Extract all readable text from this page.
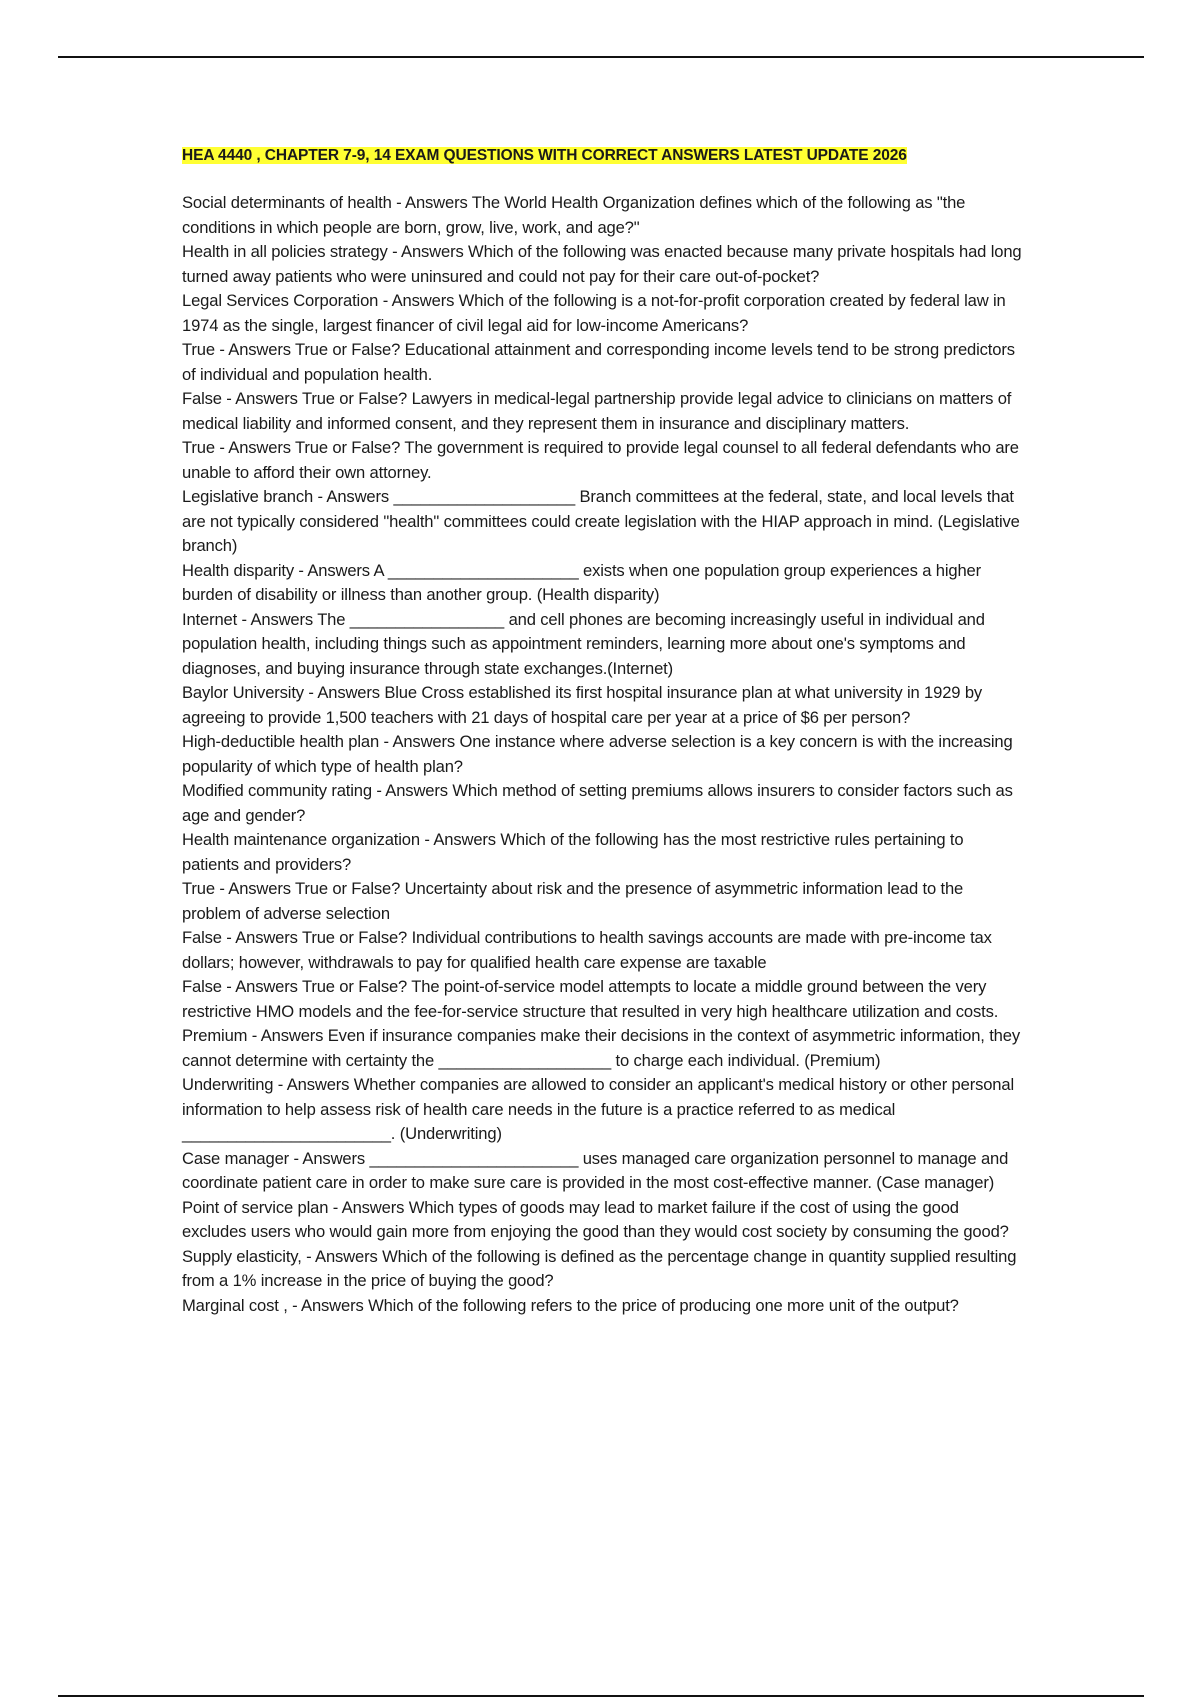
HEA 4440 , CHAPTER 7-9, 14 EXAM QUESTIONS WITH CORRECT ANSWERS LATEST UPDATE 2026

Social determinants of health - Answers The World Health Organization defines which of the following as "the conditions in which people are born, grow, live, work, and age?"

Health in all policies strategy - Answers Which of the following was enacted because many private hospitals had long turned away patients who were uninsured and could not pay for their care out-of-pocket?

Legal Services Corporation - Answers Which of the following is a not-for-profit corporation created by federal law in 1974 as the single, largest financer of civil legal aid for low-income Americans?

True - Answers True or False? Educational attainment and corresponding income levels tend to be strong predictors of individual and population health.

False - Answers True or False? Lawyers in medical-legal partnership provide legal advice to clinicians on matters of medical liability and informed consent, and they represent them in insurance and disciplinary matters.

True - Answers True or False? The government is required to provide legal counsel to all federal defendants who are unable to afford their own attorney.

Legislative branch - Answers ____________________ Branch committees at the federal, state, and local levels that are not typically considered "health" committees could create legislation with the HIAP approach in mind. (Legislative branch)

Health disparity - Answers A _____________________ exists when one population group experiences a higher burden of disability or illness than another group. (Health disparity)

Internet - Answers The _________________ and cell phones are becoming increasingly useful in individual and population health, including things such as appointment reminders, learning more about one's symptoms and diagnoses, and buying insurance through state exchanges.(Internet)

Baylor University - Answers Blue Cross established its first hospital insurance plan at what university in 1929 by agreeing to provide 1,500 teachers with 21 days of hospital care per year at a price of $6 per person?

High-deductible health plan - Answers One instance where adverse selection is a key concern is with the increasing popularity of which type of health plan?

Modified community rating - Answers Which method of setting premiums allows insurers to consider factors such as age and gender?

Health maintenance organization - Answers Which of the following has the most restrictive rules pertaining to patients and providers?

True - Answers True or False? Uncertainty about risk and the presence of asymmetric information lead to the problem of adverse selection

False - Answers True or False? Individual contributions to health savings accounts are made with pre-income tax dollars; however, withdrawals to pay for qualified health care expense are taxable

False - Answers True or False? The point-of-service model attempts to locate a middle ground between the very restrictive HMO models and the fee-for-service structure that resulted in very high healthcare utilization and costs.

Premium - Answers Even if insurance companies make their decisions in the context of asymmetric information, they cannot determine with certainty the ___________________ to charge each individual. (Premium)

Underwriting - Answers Whether companies are allowed to consider an applicant's medical history or other personal information to help assess risk of health care needs in the future is a practice referred to as medical _______________________. (Underwriting)

Case manager - Answers _______________________ uses managed care organization personnel to manage and coordinate patient care in order to make sure care is provided in the most cost-effective manner. (Case manager)

Point of service plan - Answers Which types of goods may lead to market failure if the cost of using the good excludes users who would gain more from enjoying the good than they would cost society by consuming the good?

Supply elasticity, - Answers Which of the following is defined as the percentage change in quantity supplied resulting from a 1% increase in the price of buying the good?

Marginal cost , - Answers Which of the following refers to the price of producing one more unit of the output?
